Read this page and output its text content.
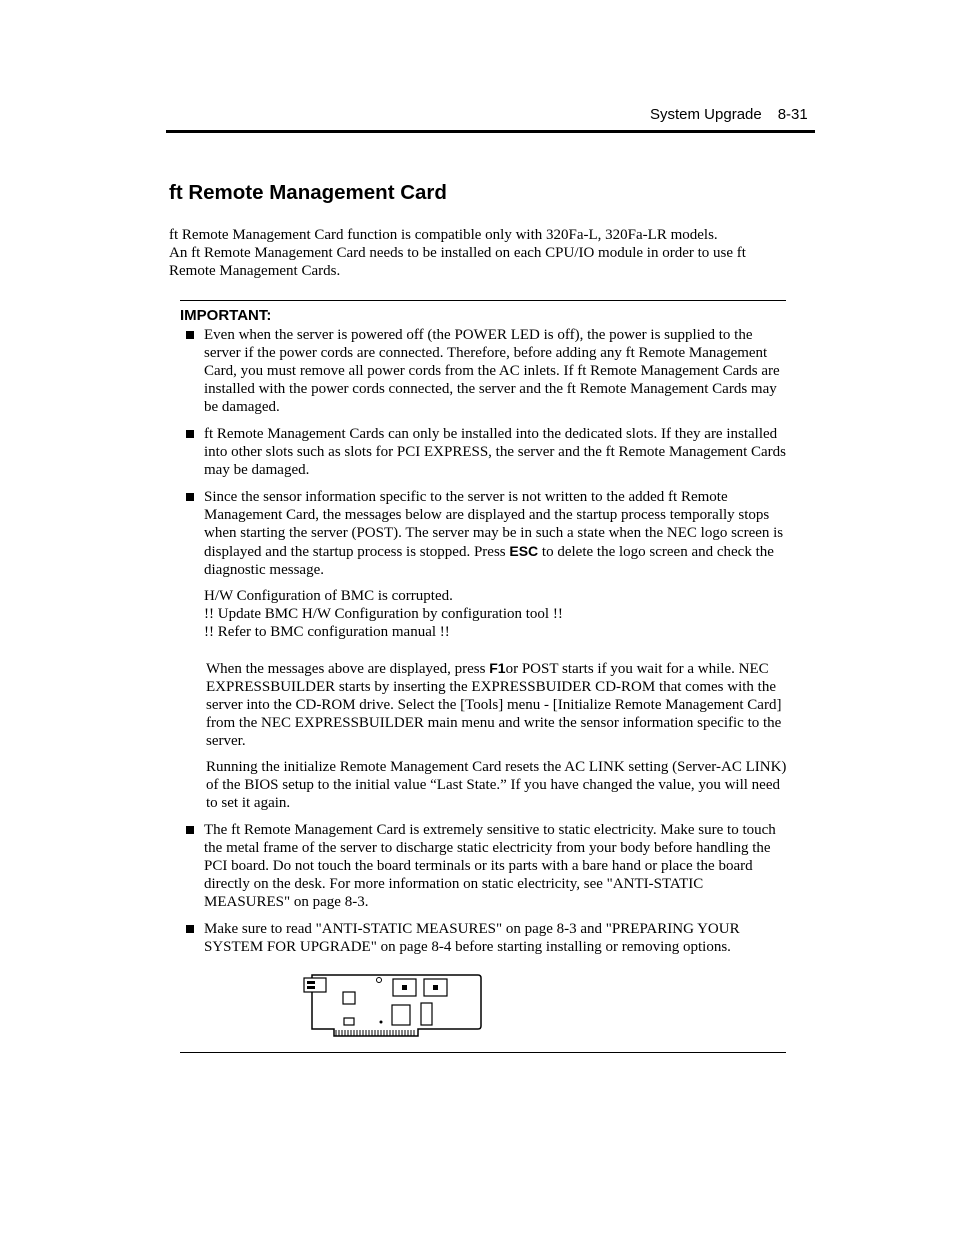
System Upgrade 8-31
ft Remote Management Card
ft Remote Management Card function is compatible only with 320Fa-L, 320Fa-LR models.
An ft Remote Management Card needs to be installed on each CPU/IO module in order to use ft
Remote Management Cards.
IMPORTANT:
Even when the server is powered off (the POWER LED is off), the power is supplied to the
server if the power cords are connected. Therefore, before adding any ft Remote Management
Card, you must remove all power cords from the AC inlets. If ft Remote Management Cards are
installed with the power cords connected, the server and the ft Remote Management Cards may
be damaged.
ft Remote Management Cards can only be installed into the dedicated slots. If they are installed
into other slots such as slots for PCI EXPRESS, the server and the ft Remote Management Cards
may be damaged.
Since the sensor information specific to the server is not written to the added ft Remote
Management Card, the messages below are displayed and the startup process temporally stops
when starting the server (POST). The server may be in such a state when the NEC logo screen is
displayed and the startup process is stopped. Press ESC to delete the logo screen and check the
diagnostic message.
H/W Configuration of BMC is corrupted.
!! Update BMC H/W Configuration by configuration tool !!
!! Refer to BMC configuration manual !!
When the messages above are displayed, press F1or POST starts if you wait for a while. NEC
EXPRESSBUILDER starts by inserting the EXPRESSBUIDER CD-ROM that comes with the
server into the CD-ROM drive. Select the [Tools] menu - [Initialize Remote Management Card]
from the NEC EXPRESSBUILDER main menu and write the sensor information specific to the
server.
Running the initialize Remote Management Card resets the AC LINK setting (Server-AC LINK)
of the BIOS setup to the initial value “Last State.” If you have changed the value, you will need
to set it again.
The ft Remote Management Card is extremely sensitive to static electricity. Make sure to touch
the metal frame of the server to discharge static electricity from your body before handling the
PCI board. Do not touch the board terminals or its parts with a bare hand or place the board
directly on the desk. For more information on static electricity, see "ANTI-STATIC
MEASURES" on page 8-3.
Make sure to read "ANTI-STATIC MEASURES" on page 8-3 and "PREPARING YOUR
SYSTEM FOR UPGRADE" on page 8-4 before starting installing or removing options.
